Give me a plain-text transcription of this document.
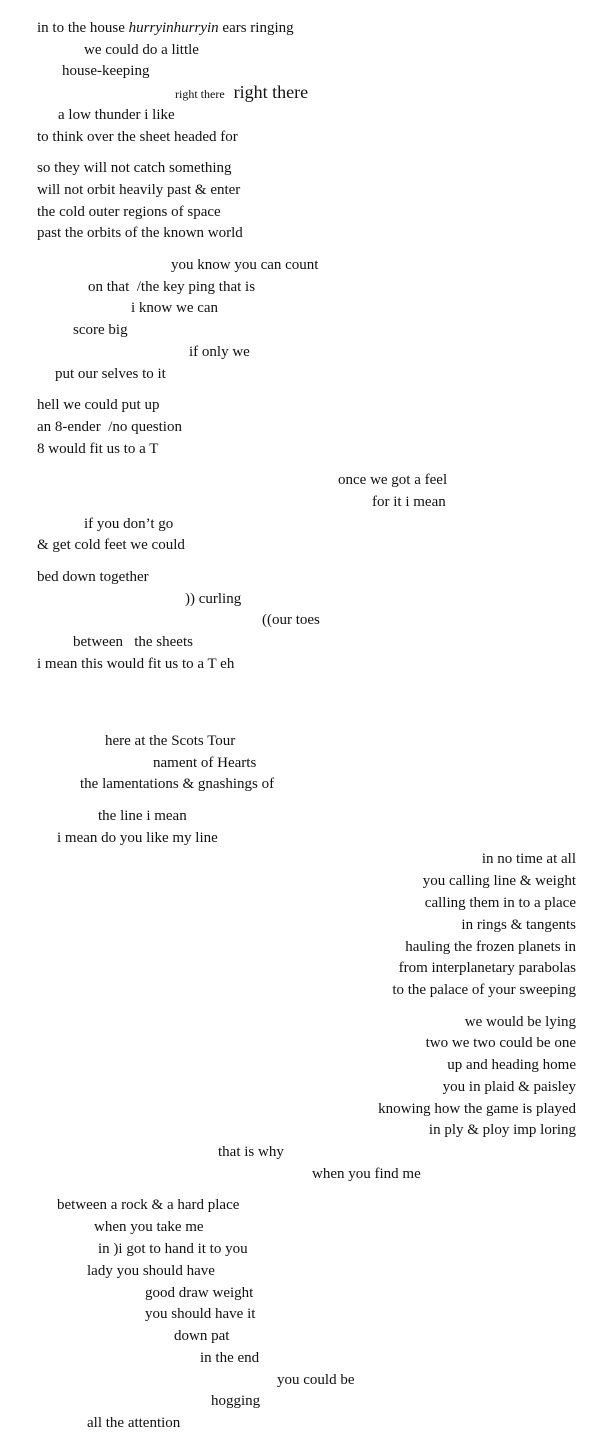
in to the house hurryinhurryin ears ringing
we could do a little
house-keeping
right there right there
a low thunder i like
to think over the sheet headed for
so they will not catch something
will not orbit heavily past & enter
the cold outer regions of space
past the orbits of the known world
you know you can count
on that  /the key ping that is
i know we can
score big
if only we
put our selves to it
hell we could put up
an 8-ender  /no question
8 would fit us to a T
once we got a feel
for it i mean
if you don’t go
& get cold feet we could
bed down together
)) curling
((our toes
between   the sheets
i mean this would fit us to a T eh
here at the Scots Tour
nament of Hearts
the lamentations & gnashings of
the line i mean
i mean do you like my line
in no time at all
you calling line & weight
calling them in to a place
in rings & tangents
hauling the frozen planets in
from interplanetary parabolas
to the palace of your sweeping
we would be lying
two we two could be one
up and heading home
you in plaid & paisley
knowing how the game is played
in ply & ploy imp loring
that is why
when you find me
between a rock & a hard place
when you take me
in )i got to hand it to you
lady you should have
good draw weight
you should have it
down pat
in the end
you could be
hogging
all the attention
